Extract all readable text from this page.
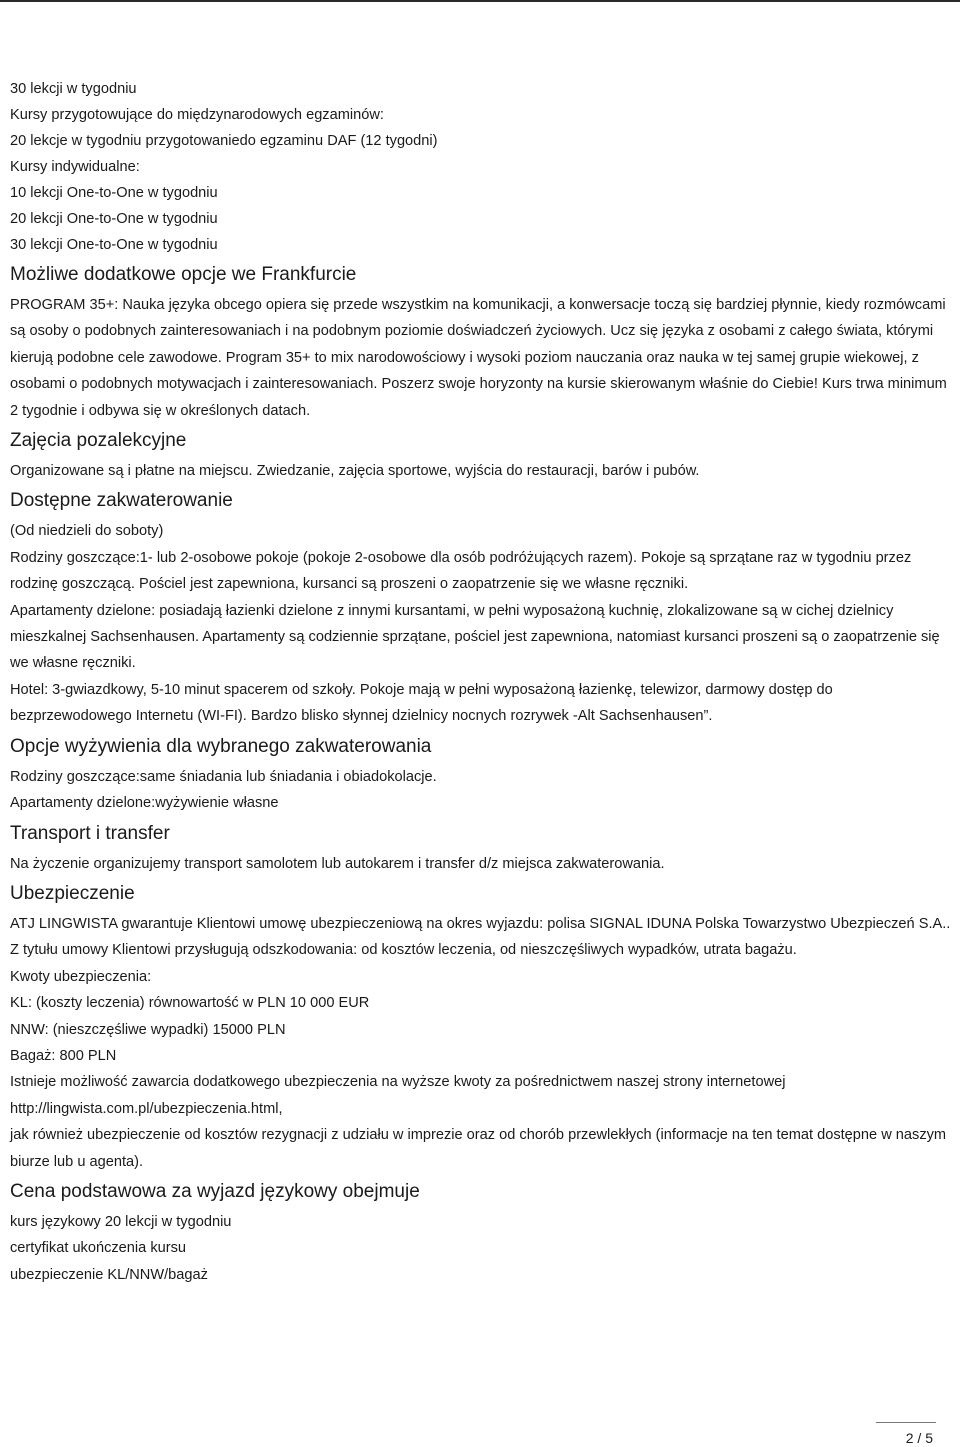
30 lekcji w tygodniu

Kursy przygotowujące do międzynarodowych egzaminów:

20 lekcje w tygodniu przygotowaniedo egzaminu DAF (12 tygodni)

Kursy indywidualne:

10 lekcji One-to-One w tygodniu

20 lekcji One-to-One w tygodniu

30 lekcji One-to-One w tygodniu

Możliwe dodatkowe opcje we Frankfurcie

PROGRAM 35+: Nauka języka obcego opiera się przede wszystkim na komunikacji, a konwersacje toczą się bardziej płynnie, kiedy rozmówcami są osoby o podobnych zainteresowaniach i na podobnym poziomie doświadczeń życiowych. Ucz się języka z osobami z całego świata, którymi kierują podobne cele zawodowe. Program 35+ to mix narodowościowy i wysoki poziom nauczania oraz nauka w tej samej grupie wiekowej, z osobami o podobnych motywacjach i zainteresowaniach. Poszerz swoje horyzonty na kursie skierowanym właśnie do Ciebie! Kurs trwa minimum 2 tygodnie i odbywa się w określonych datach.

Zajęcia pozalekcyjne

Organizowane są i płatne na miejscu. Zwiedzanie, zajęcia sportowe, wyjścia do restauracji, barów i pubów.

Dostępne zakwaterowanie

(Od niedzieli do soboty)

Rodziny goszczące:1- lub 2-osobowe pokoje (pokoje 2-osobowe dla osób podróżujących razem). Pokoje są sprzątane raz w tygodniu przez rodzinę goszczącą. Pościel jest zapewniona, kursanci są proszeni o zaopatrzenie się we własne ręczniki.

Apartamenty dzielone: posiadają łazienki dzielone z innymi kursantami, w pełni wyposażoną kuchnię, zlokalizowane są w cichej dzielnicy mieszkalnej Sachsenhausen. Apartamenty są codziennie sprzątane, pościel jest zapewniona, natomiast kursanci proszeni są o zaopatrzenie się we własne ręczniki.

Hotel: 3-gwiazdkowy, 5-10 minut spacerem od szkoły. Pokoje mają w pełni wyposażoną łazienkę, telewizor, darmowy dostęp do bezprzewodowego Internetu (WI-FI). Bardzo blisko słynnej dzielnicy nocnych rozrywek -Alt Sachsenhausen”.

Opcje wyżywienia dla wybranego zakwaterowania

Rodziny goszczące:same śniadania lub śniadania i obiadokolacje.

Apartamenty dzielone:wyżywienie własne

Transport i transfer

Na życzenie organizujemy transport samolotem lub autokarem i transfer d/z miejsca zakwaterowania.

Ubezpieczenie

ATJ LINGWISTA gwarantuje Klientowi umowę ubezpieczeniową na okres wyjazdu: polisa SIGNAL IDUNA Polska Towarzystwo Ubezpieczeń S.A.. Z tytułu umowy Klientowi przysługują odszkodowania: od kosztów leczenia, od nieszczęśliwych wypadków, utrata bagażu.

Kwoty ubezpieczenia:

KL: (koszty leczenia) równowartość w PLN 10 000 EUR

NNW: (nieszczęśliwe wypadki) 15000 PLN

Bagaż: 800 PLN

Istnieje możliwość zawarcia dodatkowego ubezpieczenia na wyższe kwoty za pośrednictwem naszej strony internetowej

http://lingwista.com.pl/ubezpieczenia.html,

jak również ubezpieczenie od kosztów rezygnacji z udziału w imprezie oraz od chorób przewlekłych (informacje na ten temat dostępne w naszym biurze lub u agenta).

Cena podstawowa za wyjazd językowy obejmuje

kurs językowy 20 lekcji w tygodniu

certyfikat ukończenia kursu

ubezpieczenie KL/NNW/bagaż

2 / 5
